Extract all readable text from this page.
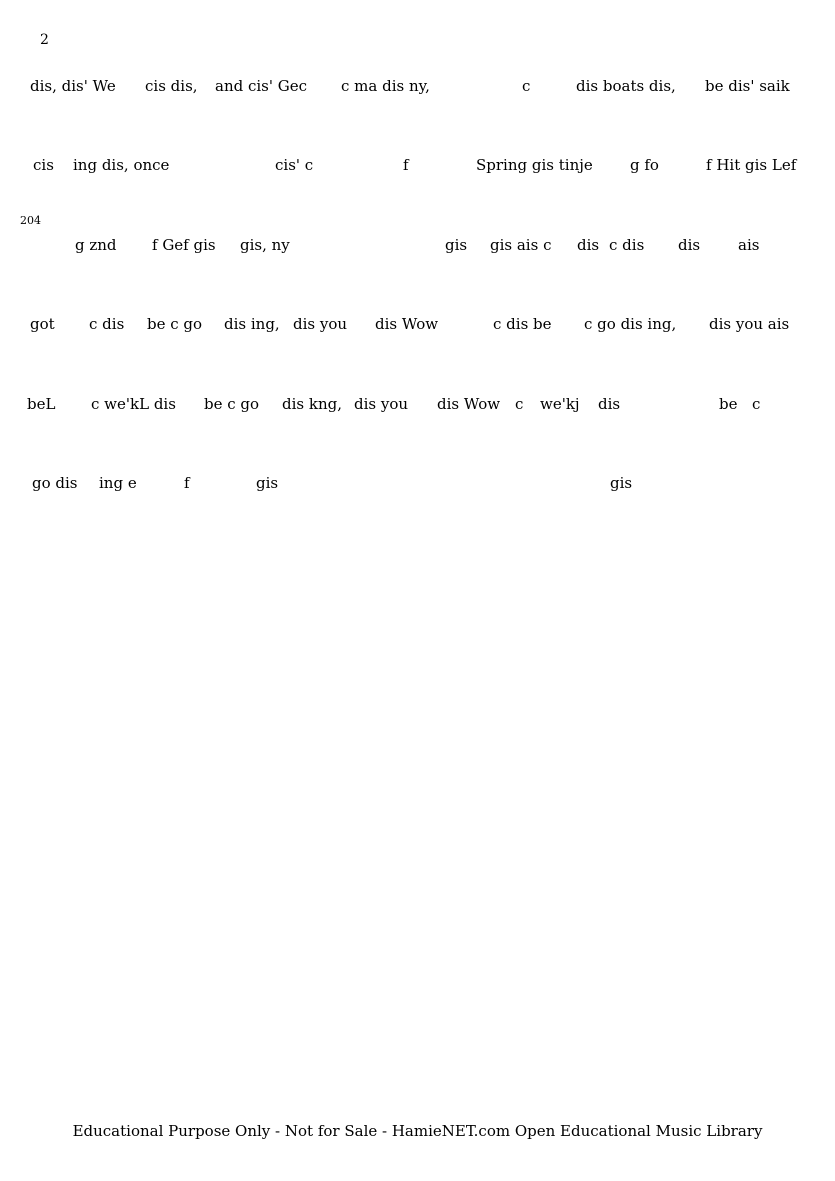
2
204
dis, dis' We cis dis, and cis' Gec c ma dis ny,	c	dis boats dis, be dis' saik
cis ing dis, once	cis' c	f	Spring gis tinje g fo	f Hit gis Lef
g znd f Gef gis gis, ny	gis gis ais c dis c dis dis	ais
got c dis be c go dis ing, dis you dis Wow	c dis be c go dis ing, dis you ais
beL c we'kL dis be c go dis kng, dis you dis Wow c we'kj dis	be c
go dis ing e	f	gis	gis
Educational Purpose Only - Not for Sale - HamieNET.com Open Educational Music Library
